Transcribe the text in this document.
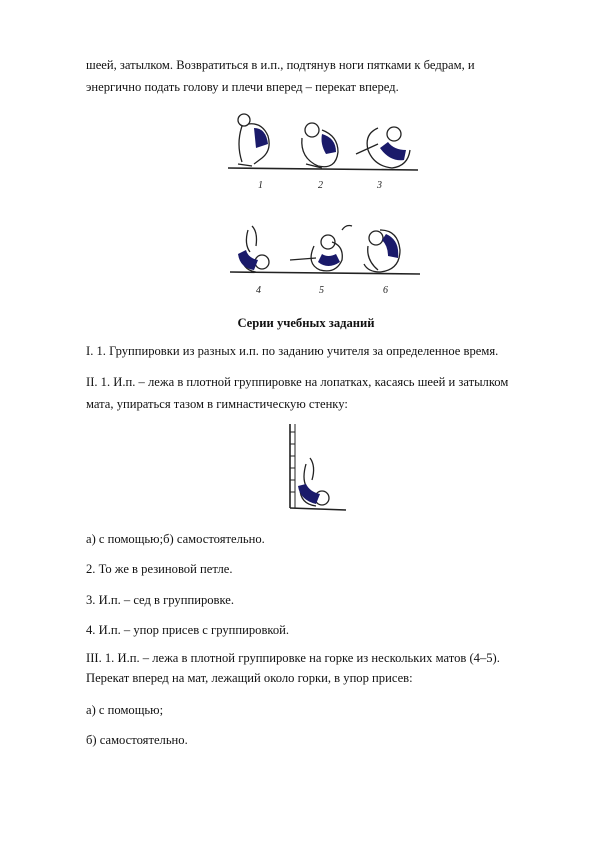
шеей, затылком. Возвратиться в и.п., подтянув ноги пятками к бедрам, и

энергично подать голову и плечи вперед – перекат вперед.

1	2	3
4	5	6

Серии учебных заданий

I. 1. Группировки из разных и.п. по заданию учителя за определенное время.

II. 1. И.п. – лежа в плотной группировке на лопатках, касаясь шеей и затылком

мата, упираться тазом в гимнастическую стенку:

а) с помощью;б) самостоятельно.

2. То же в резиновой петле.

3. И.п. – сед в группировке.

4. И.п. – упор присев с группировкой.

III. 1. И.п. – лежа в плотной группировке на горке из нескольких матов (4–5).

Перекат вперед на мат, лежащий около горки, в упор присев:

а) с помощью;

б) самостоятельно.
